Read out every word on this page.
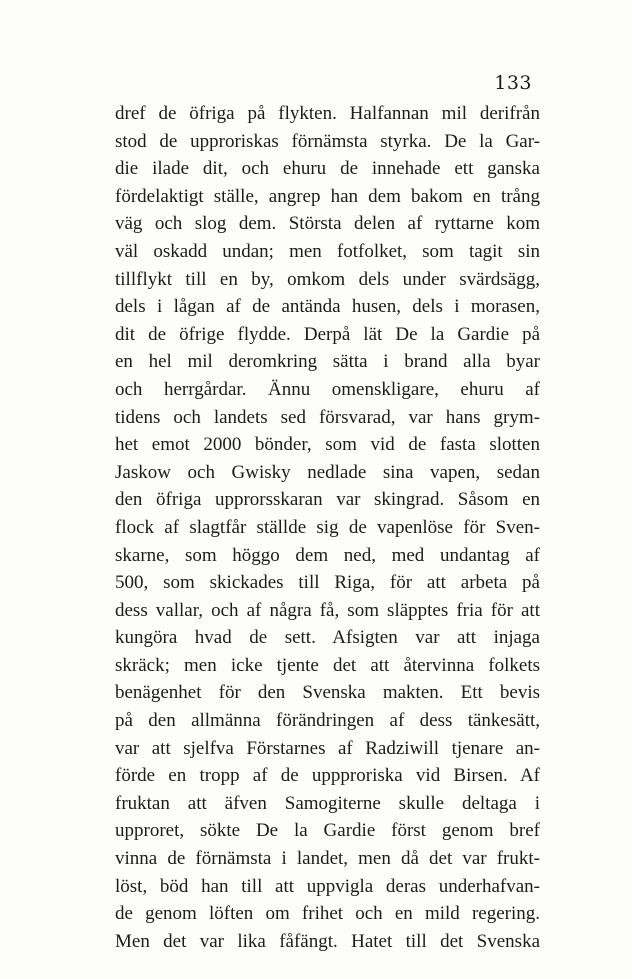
133
dref de öfriga på flykten. Halfannan mil derifrån
stod de upproriskas förnämsta styrka. De la Gar-
die ilade dit, och ehuru de innehade ett ganska
fördelaktigt ställe, angrep han dem bakom en trång
väg och slog dem. Största delen af ryttarne kom
väl oskadd undan; men fotfolket, som tagit sin
tillflykt till en by, omkom dels under svärdsägg,
dels i lågan af de antända husen, dels i morasen,
dit de öfrige flydde. Derpå lät De la Gardie på
en hel mil deromkring sätta i brand alla byar
och herrgårdar. Ännu omenskligare, ehuru af
tidens och landets sed försvarad, var hans grym-
het emot 2000 bönder, som vid de fasta slotten
Jaskow och Gwisky nedlade sina vapen, sedan
den öfriga upprorsskaran var skingrad. Såsom en
flock af slagtfår ställde sig de vapenlöse för Sven-
skarne, som höggo dem ned, med undantag af
500, som skickades till Riga, för att arbeta på
dess vallar, och af några få, som släpptes fria för att
kungöra hvad de sett. Afsigten var att injaga
skräck; men icke tjente det att återvinna folkets
benägenhet för den Svenska makten. Ett bevis
på den allmänna förändringen af dess tänkesätt,
var att sjelfva Förstarnes af Radziwill tjenare an-
förde en tropp af de uppproriska vid Birsen. Af
fruktan att äfven Samogiterne skulle deltaga i
upproret, sökte De la Gardie först genom bref
vinna de förnämsta i landet, men då det var frukt-
löst, böd han till att uppvigla deras underhafvan-
de genom löften om frihet och en mild regering.
Men det var lika fåfängt. Hatet till det Svenska
